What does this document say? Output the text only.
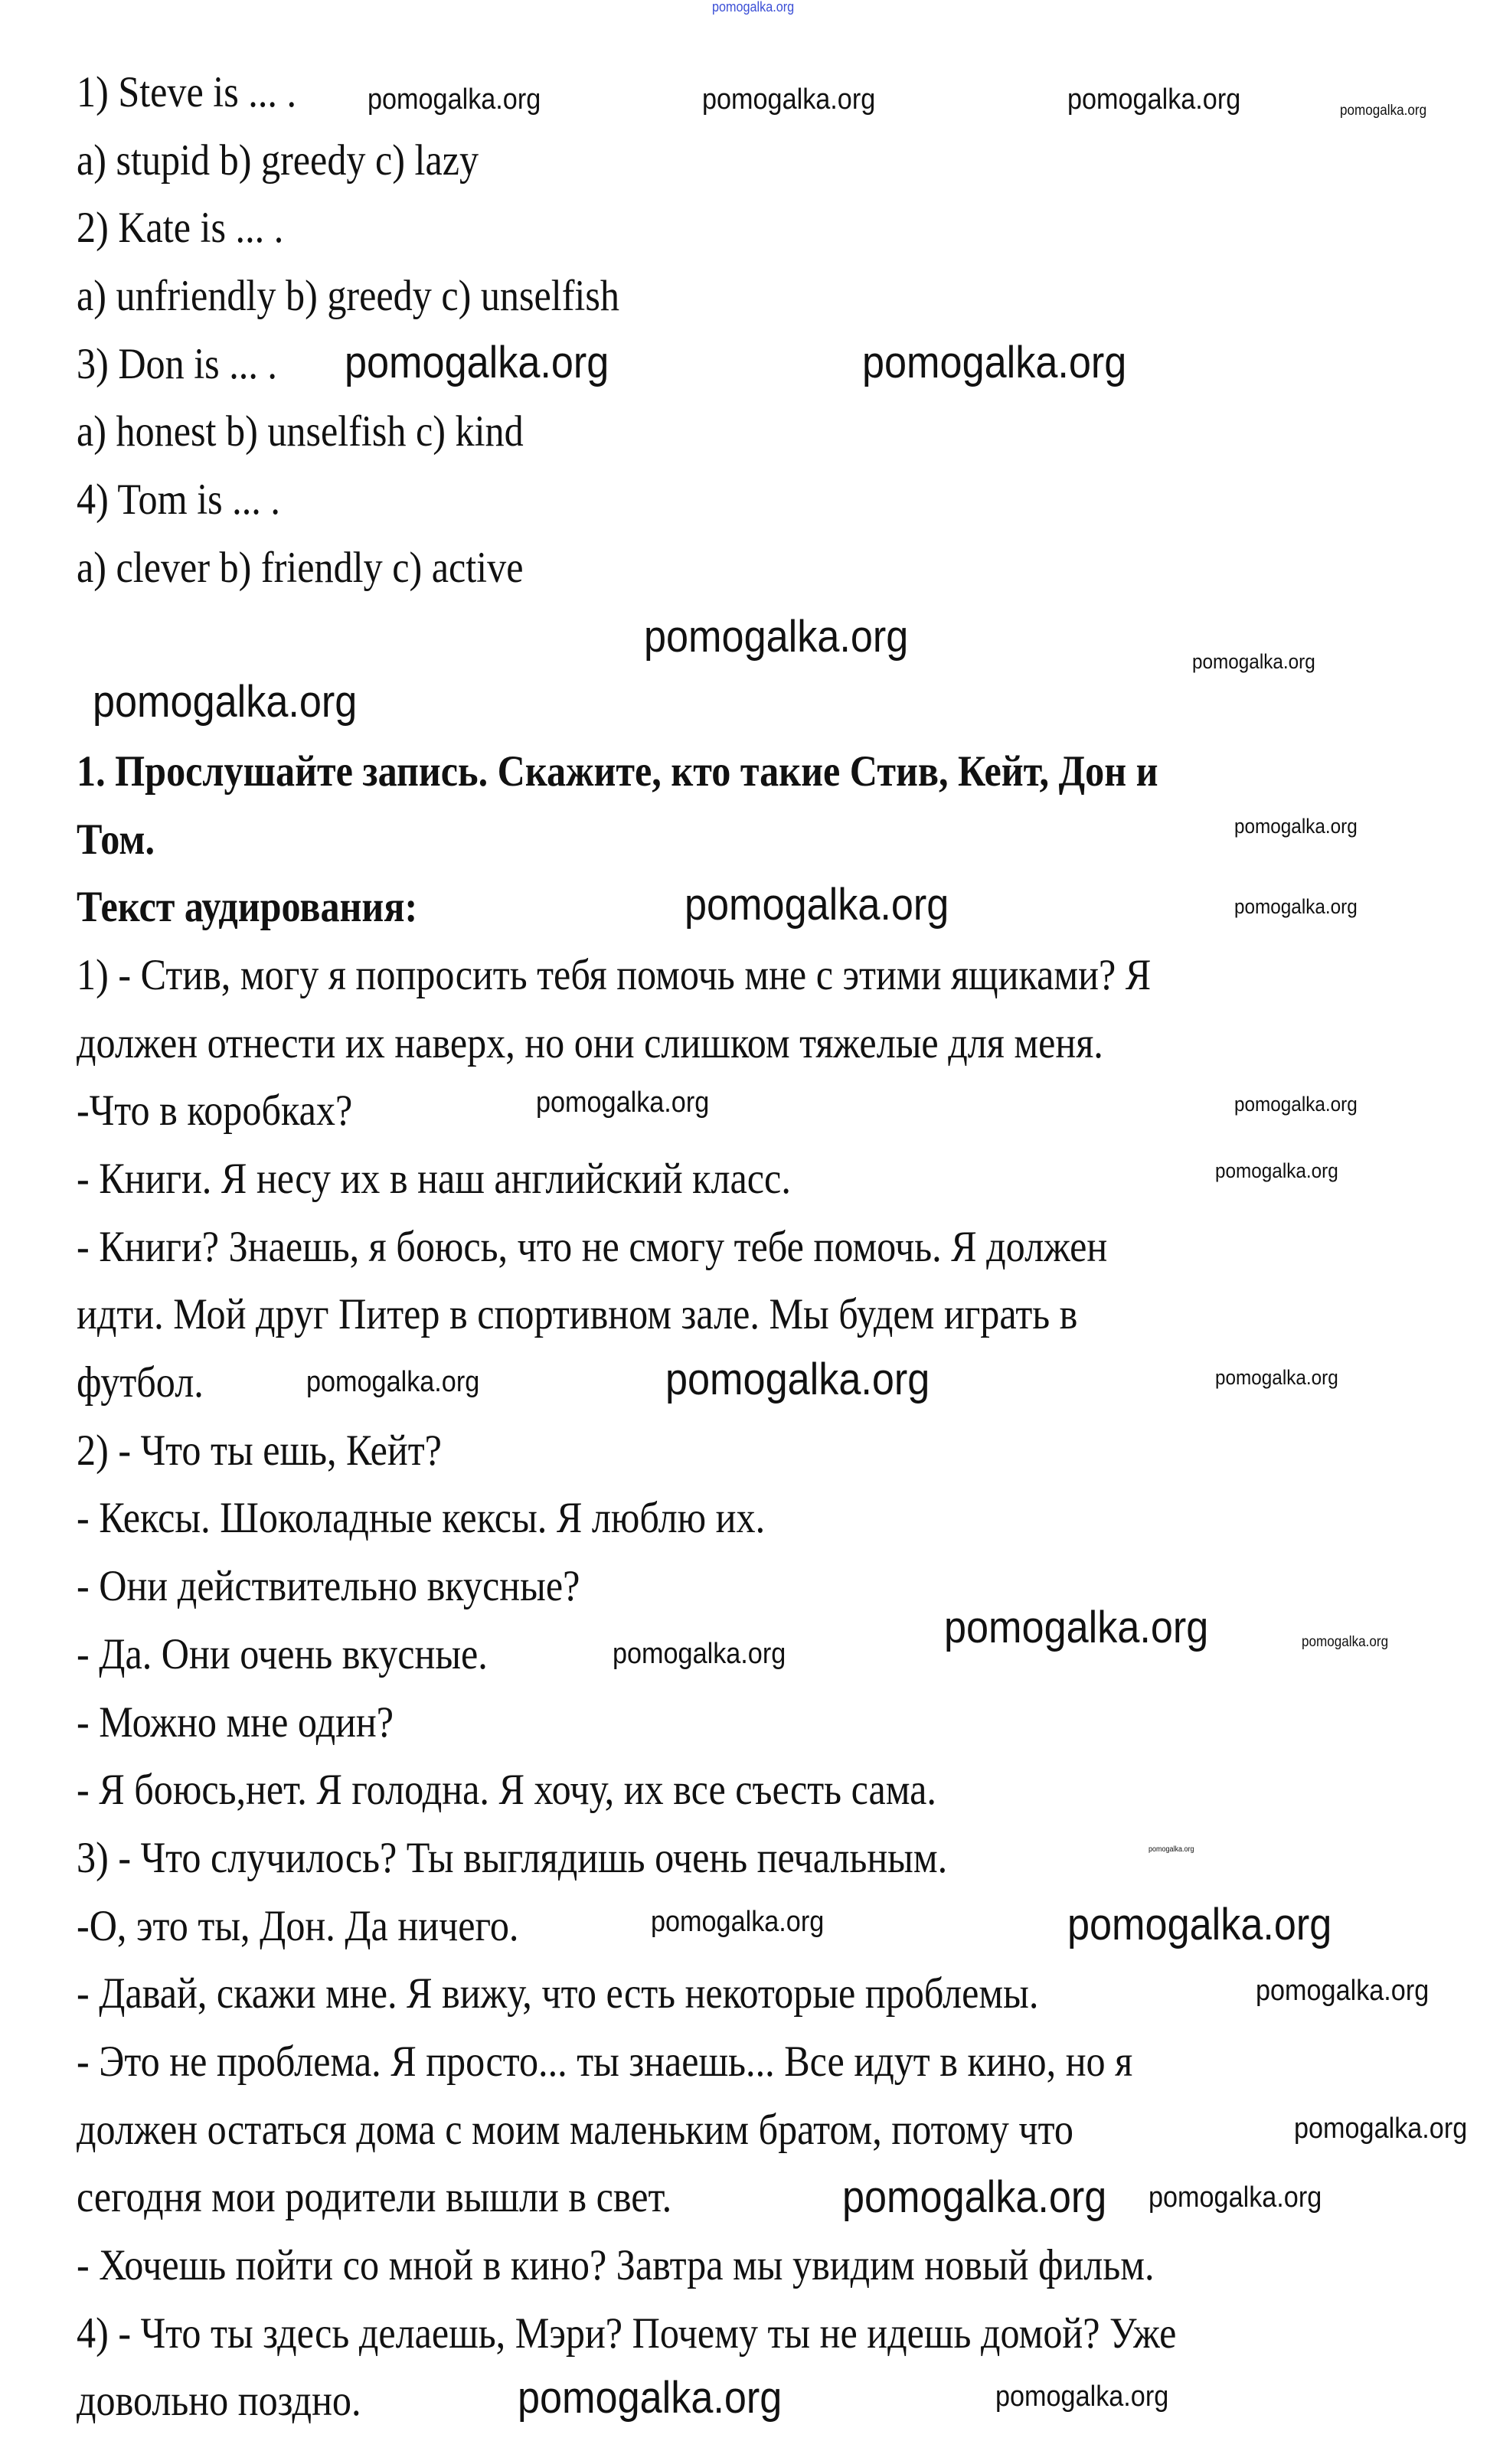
1) Steve is ... .
a) stupid b) greedy c) lazy
2) Kate is ... .
a) unfriendly b) greedy c) unselfish
3) Don is ... .
a) honest b) unselfish c) kind
4) Tom is ... .
a) clever b) friendly c) active
1. Прослушайте запись. Скажите, кто такие Стив, Кейт, Дон и
Том.
Текст аудирования:
1) - Стив, могу я попросить тебя помочь мне с этими ящиками? Я
должен отнести их наверх, но они слишком тяжелые для меня.
-Что в коробках?
- Книги. Я несу их в наш английский класс.
- Книги? Знаешь, я боюсь, что не смогу тебе помочь. Я должен
идти. Мой друг Питер в спортивном зале. Мы будем играть в
футбол.
2) - Что ты ешь, Кейт?
- Кексы. Шоколадные кексы. Я люблю их.
- Они действительно вкусные?
- Да. Они очень вкусные.
- Можно мне один?
- Я боюсь,нет. Я голодна. Я хочу, их все съесть сама.
3) - Что случилось? Ты выглядишь очень печальным.
-О, это ты, Дон. Да ничего.
- Давай, скажи мне. Я вижу, что есть некоторые проблемы.
- Это не проблема. Я просто... ты знаешь... Все идут в кино, но я
должен остаться дома с моим маленьким братом, потому что
сегодня мои родители вышли в свет.
- Хочешь пойти со мной в кино? Завтра мы увидим новый фильм.
4) - Что ты здесь делаешь, Мэри? Почему ты не идешь домой? Уже
довольно поздно.
pomogalka.org
pomogalka.org
pomogalka.org	pomogalka.org	pomogalka.org
pomogalka.org	pomogalka.org
pomogalka.org	pomogalka.org
pomogalka.org
pomogalka.org
pomogalka.org
pomogalka.org
pomogalka.org
pomogalka.org
pomogalka.org
pomogalka.org
pomogalka.org
pomogalka.org
pomogalka.org
pomogalka.org
pomogalka.org
pomogalka.org
pomogalka.org
pomogalka.org
pomogalka.org
pomogalka.org
pomogalka.org pomogalka.org
pomogalka.org
pomogalka.org
